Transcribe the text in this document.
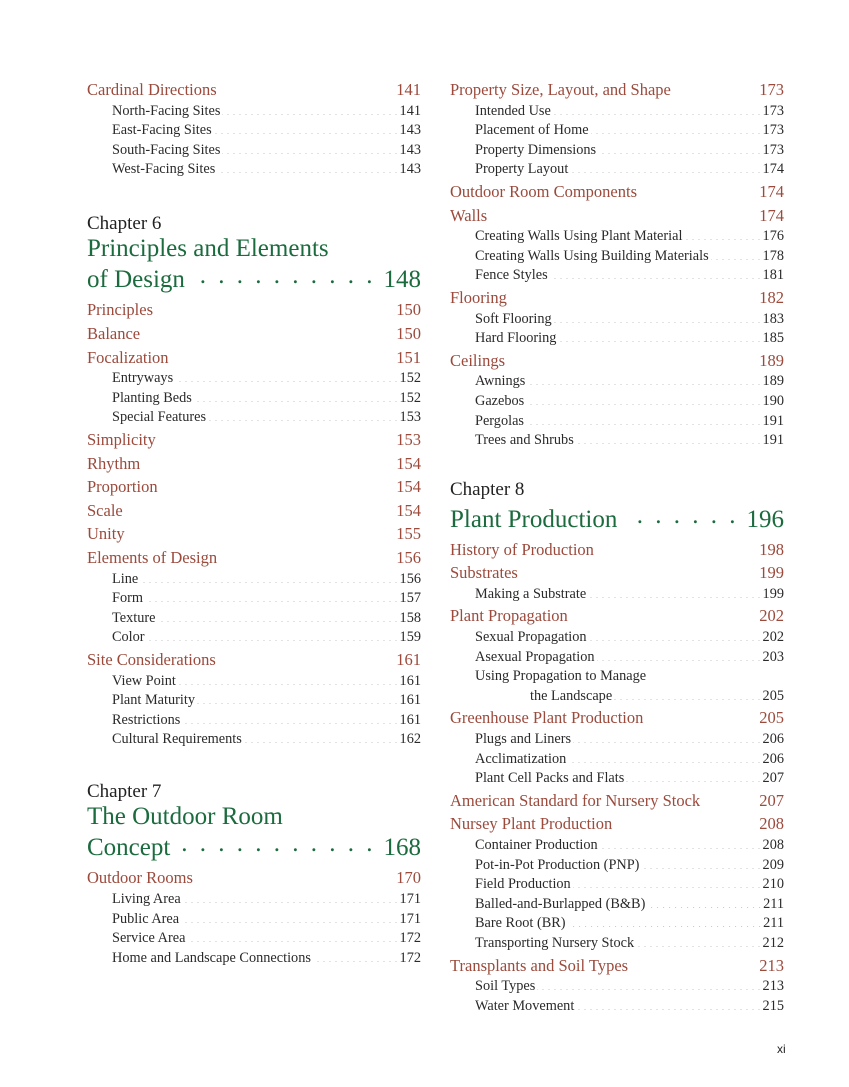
Cardinal Directions . . .	141
North-Facing Sites . . .	141
East-Facing Sites . . .	143
South-Facing Sites . . .	143
West-Facing Sites . . .	143
Chapter 6
Principles and Elements
of Design . . .	148
Principles . . .	150
Balance . . .	150
Focalization . . .	151
Entryways . . .	152
Planting Beds . . .	152
Special Features . . .	153
Simplicity . . .	153
Rhythm . . .	154
Proportion . . .	154
Scale . . .	154
Unity . . .	155
Elements of Design . . .	156
Line . . .	156
Form . . .	157
Texture . . .	158
Color . . .	159
Site Considerations . . .	161
View Point . . .	161
Plant Maturity . . .	161
Restrictions . . .	161
Cultural Requirements . . .	162
Chapter 7
The Outdoor Room
Concept . . .	168
Outdoor Rooms . . .	170
Living Area . . .	171
Public Area . . .	171
Service Area . . .	172
Home and Landscape Connections . . .	172
Property Size, Layout, and Shape . . .	173
Intended Use . . .	173
Placement of Home . . .	173
Property Dimensions . . .	173
Property Layout . . .	174
Outdoor Room Components . . .	174
Walls . . .	174
Creating Walls Using Plant Material . . .	176
Creating Walls Using Building Materials . . .	178
Fence Styles . . .	181
Flooring . . .	182
Soft Flooring . . .	183
Hard Flooring . . .	185
Ceilings . . .	189
Awnings . . .	189
Gazebos . . .	190
Pergolas . . .	191
Trees and Shrubs . . .	191
Chapter 8
Plant Production . . .	196
History of Production . . .	198
Substrates . . .	199
Making a Substrate . . .	199
Plant Propagation . . .	202
Sexual Propagation . . .	202
Asexual Propagation . . .	203
Using Propagation to Manage
the Landscape . . .	205
Greenhouse Plant Production . . .	205
Plugs and Liners . . .	206
Acclimatization . . .	206
Plant Cell Packs and Flats . . .	207
American Standard for Nursery Stock . . .	207
Nursey Plant Production . . .	208
Container Production . . .	208
Pot-in-Pot Production (PNP) . . .	209
Field Production . . .	210
Balled-and-Burlapped (B&B) . . .	211
Bare Root (BR) . . .	211
Transporting Nursery Stock . . .	212
Transplants and Soil Types . . .	213
Soil Types . . .	213
Water Movement . . .	215
xi
